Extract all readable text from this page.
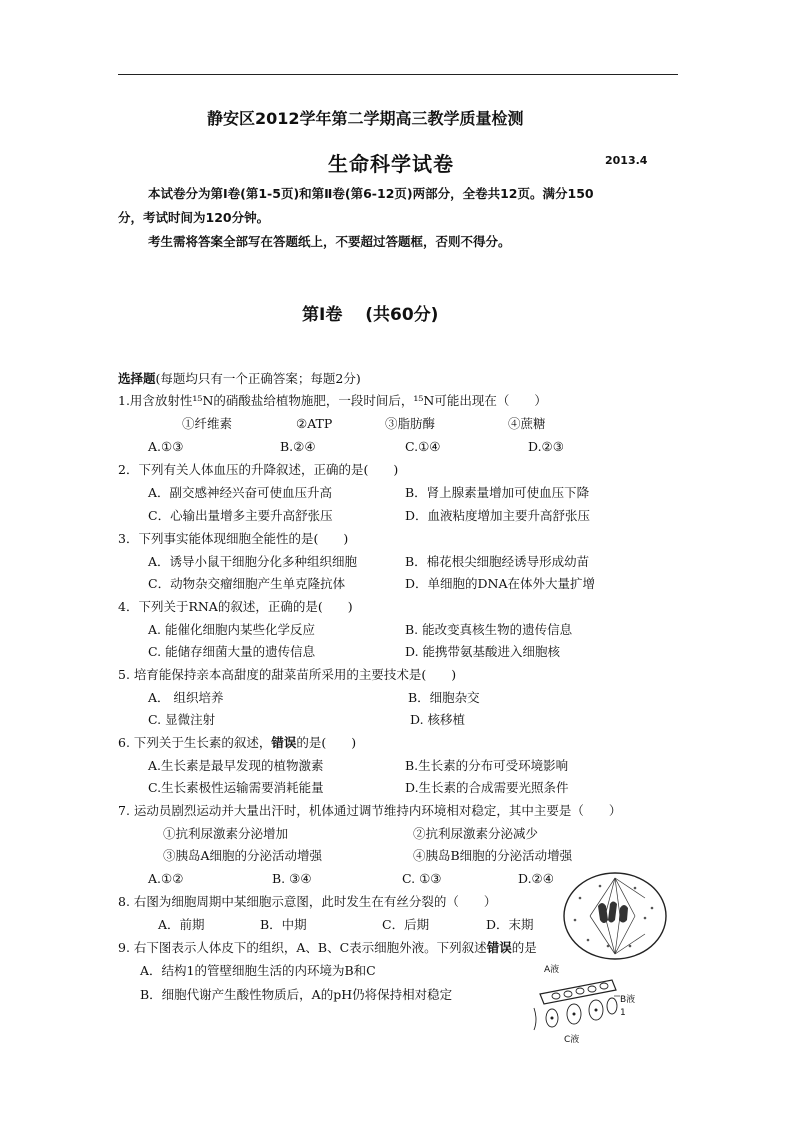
静安区2012学年第二学期高三教学质量检测
生命科学试卷	2013.4
本试卷分为第Ⅰ卷(第1-5页)和第Ⅱ卷(第6-12页)两部分，全卷共12页。满分150
分，考试时间为120分钟。
考生需将答案全部写在答题纸上，不要超过答题框，否则不得分。
第Ⅰ卷　 (共60分)
选择题(每题均只有一个正确答案；每题2分)
1.用含放射性¹⁵N的硝酸盐给植物施肥，一段时间后，¹⁵N可能出现在（　　）
①纤维素	②ATP	③脂肪酶	④蔗糖
A.①③	B.②④	C.①④	D.②③
2．下列有关人体血压的升降叙述，正确的是(　　)
A．副交感神经兴奋可使血压升高	B．肾上腺素量增加可使血压下降
C．心输出量增多主要升高舒张压	D．血液粘度增加主要升高舒张压
3．下列事实能体现细胞全能性的是(　　)
A．诱导小鼠干细胞分化多种组织细胞	B．棉花根尖细胞经诱导形成幼苗
C．动物杂交瘤细胞产生单克隆抗体	D．单细胞的DNA在体外大量扩增
4．下列关于RNA的叙述，正确的是(　　)
A. 能催化细胞内某些化学反应	B. 能改变真核生物的遗传信息
C. 能储存细菌大量的遗传信息	D. 能携带氨基酸进入细胞核
5. 培育能保持亲本高甜度的甜菜苗所采用的主要技术是(　　)
A． 组织培养	B．细胞杂交
C. 显微注射	D. 核移植
6. 下列关于生长素的叙述，错误的是(　　)
A.生长素是最早发现的植物激素	B.生长素的分布可受环境影响
C.生长素极性运输需要消耗能量	D.生长素的合成需要光照条件
7. 运动员剧烈运动并大量出汗时，机体通过调节维持内环境相对稳定，其中主要是（　　）
①抗利尿激素分泌增加	②抗利尿激素分泌减少
③胰岛A细胞的分泌活动增强	④胰岛B细胞的分泌活动增强
A.①②	B. ③④	C. ①③	D.②④
8. 右图为细胞周期中某细胞示意图，此时发生在有丝分裂的（　　）
A．前期	B．中期	C．后期	D．末期
9. 右下图表示人体皮下的组织，A、B、C表示细胞外液。下列叙述错误的是
A．结构1的管壁细胞生活的内环境为B和C
B．细胞代谢产生酸性物质后，A的pH仍将保持相对稳定
A液
B液
1
C液
